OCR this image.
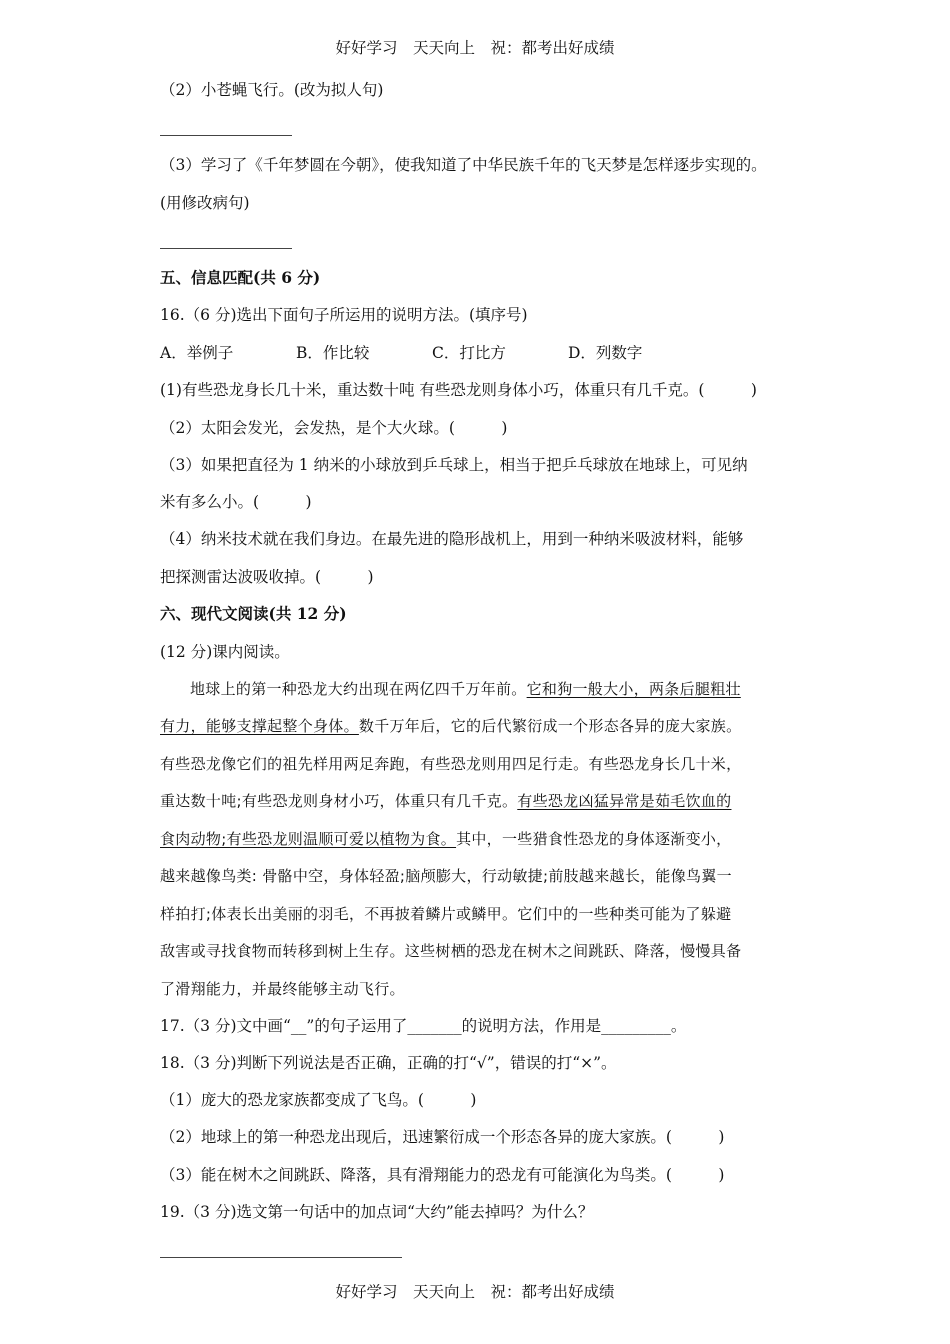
好好学习　天天向上　祝：都考出好成绩
（2）小苍蝇飞行。(改为拟人句)
（3）学习了《千年梦圆在今朝》，使我知道了中华民族千年的飞天梦是怎样逐步实现的。
(用修改病句)
五、信息匹配(共 6 分)
16.（6 分)选出下面句子所运用的说明方法。(填序号)
A．举例子	B．作比较	C．打比方	D．列数字
(1)有些恐龙身长几十米，重达数十吨 有些恐龙则身体小巧，体重只有几千克。(　　　)
（2）太阳会发光，会发热，是个大火球。(　　　)
（3）如果把直径为 1 纳米的小球放到乒乓球上，相当于把乒乓球放在地球上，可见纳
米有多么小。(　　　)
（4）纳米技术就在我们身边。在最先进的隐形战机上，用到一种纳米吸波材料，能够
把探测雷达波吸收掉。(　　　)
六、现代文阅读(共 12 分)
(12 分)课内阅读。
地球上的第一种恐龙大约出现在两亿四千万年前。它和狗一般大小，两条后腿粗壮
有力，能够支撑起整个身体。数千万年后，它的后代繁衍成一个形态各异的庞大家族。
有些恐龙像它们的祖先样用两足奔跑，有些恐龙则用四足行走。有些恐龙身长几十米，
重达数十吨;有些恐龙则身材小巧，体重只有几千克。有些恐龙凶猛异常是茹毛饮血的
食肉动物;有些恐龙则温顺可爱以植物为食。其中，一些猎食性恐龙的身体逐渐变小，
越来越像鸟类: 骨骼中空，身体轻盈;脑颅膨大，行动敏捷;前肢越来越长，能像鸟翼一
样拍打;体表长出美丽的羽毛，不再披着鳞片或鳞甲。它们中的一些种类可能为了躲避
敌害或寻找食物而转移到树上生存。这些树栖的恐龙在树木之间跳跃、降落，慢慢具备
了滑翔能力，并最终能够主动飞行。
17.（3 分)文中画“__”的句子运用了_______的说明方法，作用是_________。
18.（3 分)判断下列说法是否正确，正确的打“√”，错误的打“×”。
（1）庞大的恐龙家族都变成了飞鸟。(　　　)
（2）地球上的第一种恐龙出现后，迅速繁衍成一个形态各异的庞大家族。(　　　)
（3）能在树木之间跳跃、降落，具有滑翔能力的恐龙有可能演化为鸟类。(　　　)
19.（3 分)选文第一句话中的加点词“大约”能去掉吗？为什么？
好好学习　天天向上　祝：都考出好成绩
